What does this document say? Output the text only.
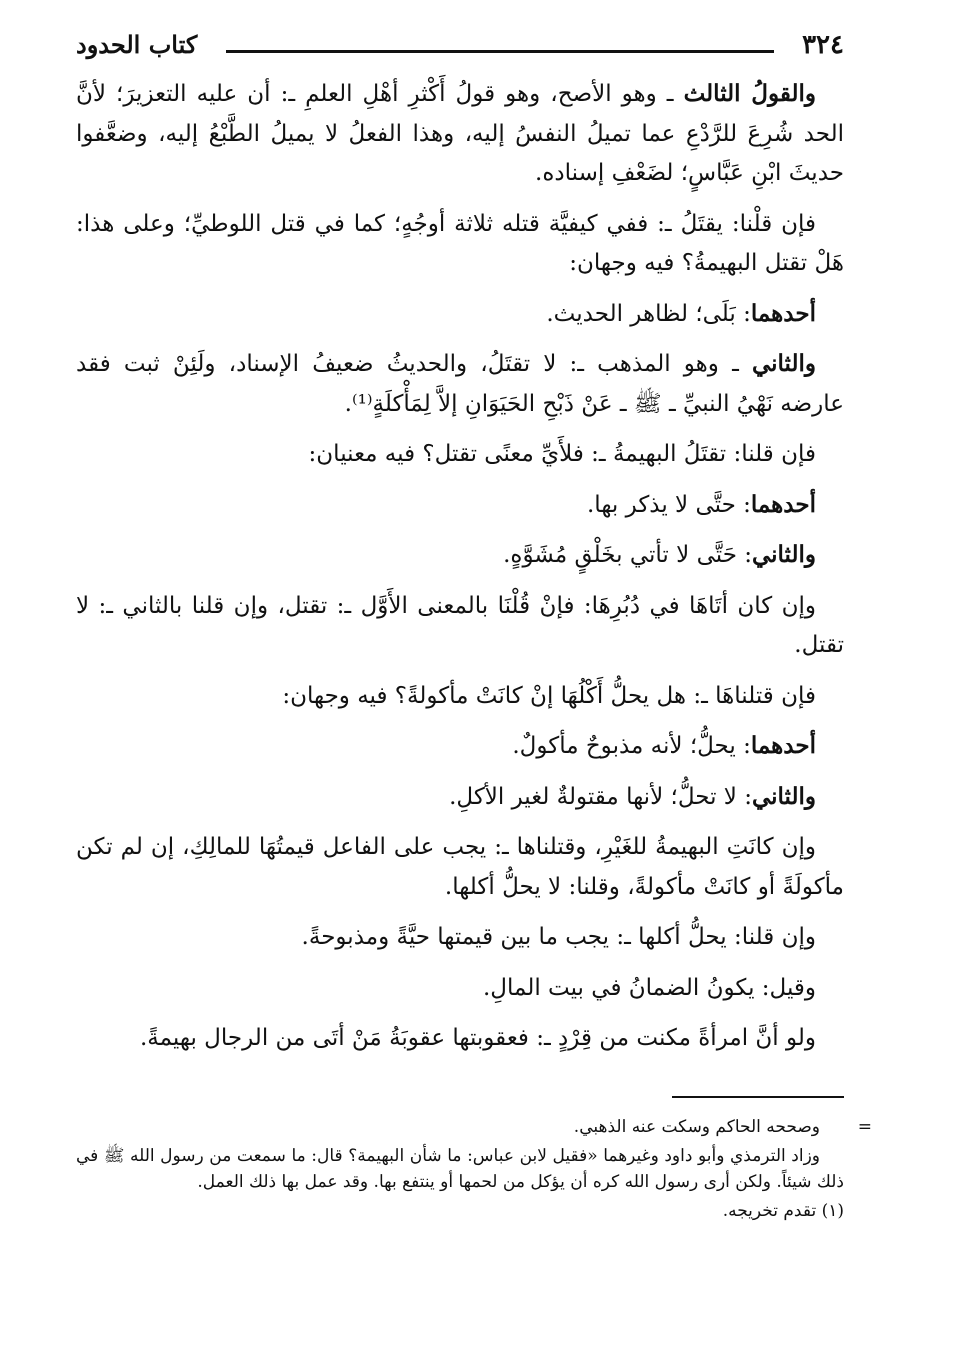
٣٢٤
كتاب الحدود

والقولُ الثالث ـ وهو الأصح، وهو قولُ أَكْثرِ أهْلِ العلمِ ـ: أن عليه التعزيرَ؛ لأنَّ الحد شُرِعَ للرَّدْعِ عما تميلُ النفسُ إليه، وهذا الفعلُ لا يميلُ الطَّبْعُ إليه، وضعَّفوا حديثَ ابْنِ عَبَّاسٍ؛ لضَعْفِ إسناده.

فإن قلْنا: يقتَلُ ـ: ففي كيفيَّة قتله ثلاثة أوجُهٍ؛ كما في قتل اللوطيِّ؛ وعلى هذا: هَلْ تقتل البهيمةُ؟ فيه وجهان:

أحدهما: بَلَى؛ لظاهر الحديث.

والثاني ـ وهو المذهب ـ: لا تقتَلُ، والحديثُ ضعيفُ الإسناد، ولَئِنْ ثبت فقد عارضه نَهْيُ النبيِّ ـ ﷺ ـ عَنْ ذَبْحِ الحَيَوَانِ إلاَّ لِمَأْكلَةٍ⁽¹⁾.

فإن قلنا: تقتَلُ البهيمةُ ـ: فلأَيِّ معنًى تقتل؟ فيه معنيان:

أحدهما: حتَّى لا يذكر بها.

والثاني: حَتَّى لا تأتي بخَلْقٍ مُشَوَّهٍ.

وإن كان أتَاهَا في دُبُرِهَا: فإنْ قُلْنَا بالمعنى الأَوَّل ـ: تقتل، وإن قلنا بالثاني ـ: لا تقتل.

فإن قتلناهَا ـ: هل يحلُّ أَكْلُهَا إنْ كانَتْ مأكولةً؟ فيه وجهان:

أحدهما: يحلُّ؛ لأنه مذبوحٌ مأكولٌ.

والثاني: لا تحلُّ؛ لأنها مقتولةٌ لغير الأكلِ.

وإن كانَتِ البهيمةُ للغَيْرِ، وقتلناها ـ: يجب على الفاعل قيمتُهَا للمالِكِ، إن لم تكن مأكولَةً أو كانَتْ مأكولةً، وقلنا: لا يحلُّ أكلها.

وإن قلنا: يحلُّ أكلها ـ: يجب ما بين قيمتها حيَّةً ومذبوحةً.

وقيل: يكونُ الضمانُ في بيت المالِ.

ولو أنَّ امرأةً مكنت من قِرْدٍ ـ: فعقوبتها عقوبَةُ مَنْ أتَى من الرجال بهيمةً.

=

وصححه الحاكم وسكت عنه الذهبي.

وزاد الترمذي وأبو داود وغيرهما «فقيل لابن عباس: ما شأن البهيمة؟ قال: ما سمعت من رسول الله ﷺ في ذلك شيئاً. ولكن أرى رسول الله كره أن يؤكل من لحمها أو ينتفع بها. وقد عمل بها ذلك العمل.

(١) تقدم تخريجه.
